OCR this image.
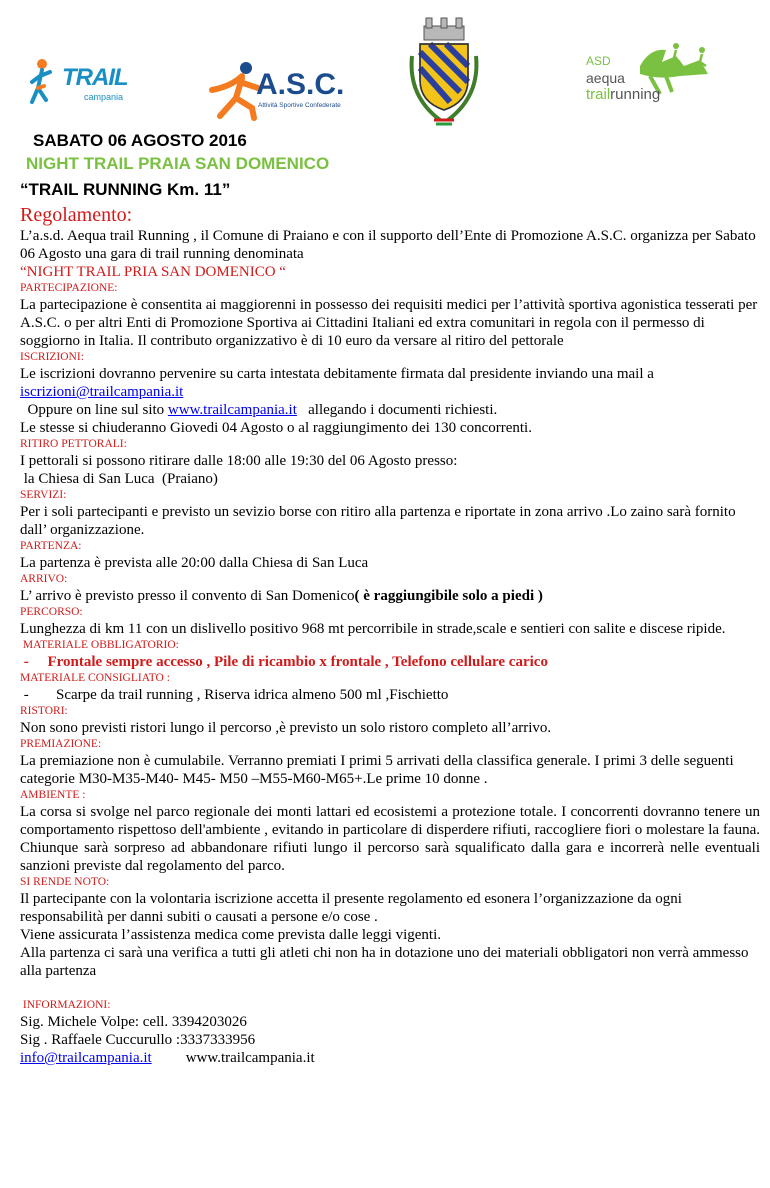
TRAIL
campania	A.S.C.
Attività Sportive Confederate
ASD
aequa
trailrunning

SABATO 06 AGOSTO 2016

NIGHT TRAIL PRAIA SAN DOMENICO

“TRAIL RUNNING Km. 11”

Regolamento:

L’a.s.d. Aequa trail Running , il Comune di Praiano e con il supporto dell’Ente di Promozione A.S.C. organizza per Sabato 06 Agosto una gara di trail running denominata

“NIGHT TRAIL PRIA SAN DOMENICO “

PARTECIPAZIONE:

La partecipazione è consentita ai maggiorenni in possesso dei requisiti medici per l’attività sportiva agonistica tesserati per A.S.C. o per altri Enti di Promozione Sportiva ai Cittadini Italiani ed extra comunitari in regola con il permesso di soggiorno in Italia. Il contributo organizzativo è di 10 euro da versare al ritiro del pettorale

ISCRIZIONI:

Le iscrizioni dovranno pervenire su carta intestata debitamente firmata dal presidente inviando una mail a iscrizioni@trailcampania.it

Oppure on line sul sito www.trailcampania.it   allegando i documenti richiesti.

Le stesse si chiuderanno Giovedi 04 Agosto o al raggiungimento dei 130 concorrenti.

RITIRO PETTORALI:

I pettorali si possono ritirare dalle 18:00 alle 19:30 del 06 Agosto presso:

la Chiesa di San Luca  (Praiano)

SERVIZI:

Per i soli partecipanti e previsto un sevizio borse con ritiro alla partenza e riportate in zona arrivo .Lo zaino sarà fornito dall’ organizzazione.

PARTENZA:

La partenza è prevista alle 20:00 dalla Chiesa di San Luca

ARRIVO:

L’ arrivo è previsto presso il convento di San Domenico( è raggiungibile solo a piedi )

PERCORSO:

Lunghezza di km 11 con un dislivello positivo 968 mt percorribile in strade,scale e sentieri con salite e discese ripide.

MATERIALE OBBLIGATORIO:

-     Frontale sempre accesso , Pile di ricambio x frontale , Telefono cellulare carico

MATERIALE CONSIGLIATO :

- Scarpe da trail running , Riserva idrica almeno 500 ml ,Fischietto

RISTORI:

Non sono previsti ristori lungo il percorso ,è previsto un solo ristoro completo all’arrivo.

PREMIAZIONE:

La premiazione non è cumulabile. Verranno premiati I primi 5 arrivati della classifica generale. I primi 3 delle seguenti categorie M30-M35-M40- M45- M50 –M55-M60-M65+.Le prime 10 donne .

AMBIENTE :

La corsa si svolge nel parco regionale dei monti lattari ed ecosistemi a protezione totale. I concorrenti dovranno tenere un comportamento rispettoso dell'ambiente , evitando in particolare di disperdere rifiuti, raccogliere fiori o molestare la fauna. Chiunque sarà sorpreso ad abbandonare rifiuti lungo il percorso sarà squalificato dalla gara e incorrerà nelle eventuali sanzioni previste dal regolamento del parco.

SI RENDE NOTO:

Il partecipante con la volontaria iscrizione accetta il presente regolamento ed esonera l’organizzazione da ogni responsabilità per danni subiti o causati a persone e/o cose .

Viene assicurata l’assistenza medica come prevista dalle leggi vigenti.

Alla partenza ci sarà una verifica a tutti gli atleti chi non ha in dotazione uno dei materiali obbligatori non verrà ammesso alla partenza

INFORMAZIONI:

Sig. Michele Volpe: cell. 3394203026

Sig . Raffaele Cuccurullo :3337333956

info@trailcampania.it www.trailcampania.it
